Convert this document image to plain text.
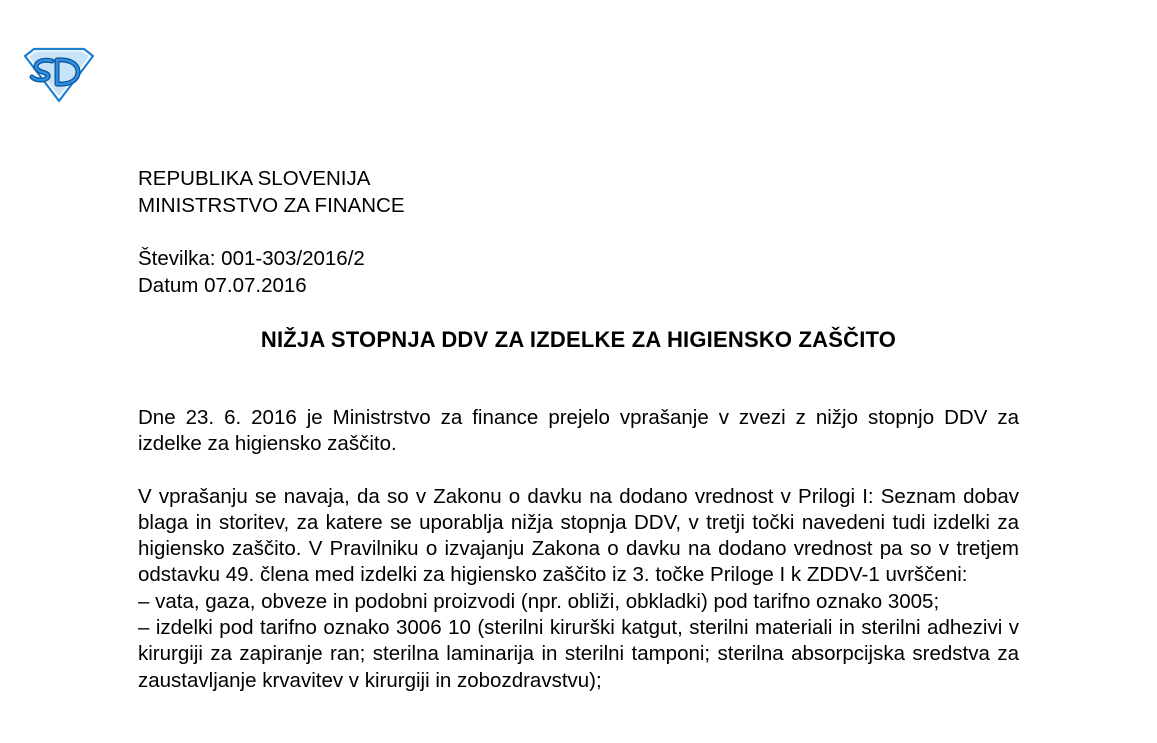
REPUBLIKA SLOVENIJA

MINISTRSTVO ZA FINANCE

Številka: 001-303/2016/2

Datum 07.07.2016

NIŽJA STOPNJA DDV ZA IZDELKE ZA HIGIENSKO ZAŠČITO

Dne 23. 6. 2016 je Ministrstvo za finance prejelo vprašanje v zvezi z nižjo stopnjo DDV za izdelke za higiensko zaščito.

V vprašanju se navaja, da so v Zakonu o davku na dodano vrednost v Prilogi I: Seznam dobav blaga in storitev, za katere se uporablja nižja stopnja DDV, v tretji točki navedeni tudi izdelki za higiensko zaščito. V Pravilniku o izvajanju Zakona o davku na dodano vrednost pa so v tretjem odstavku 49. člena med izdelki za higiensko zaščito iz 3. točke Priloge I k ZDDV-1 uvrščeni:

– vata, gaza, obveze in podobni proizvodi (npr. obliži, obkladki) pod tarifno oznako 3005;

– izdelki pod tarifno oznako 3006 10 (sterilni kirurški katgut, sterilni materiali in sterilni adhezivi v kirurgiji za zapiranje ran; sterilna laminarija in sterilni tamponi; sterilna absorpcijska sredstva za zaustavljanje krvavitev v kirurgiji in zobozdravstvu);
